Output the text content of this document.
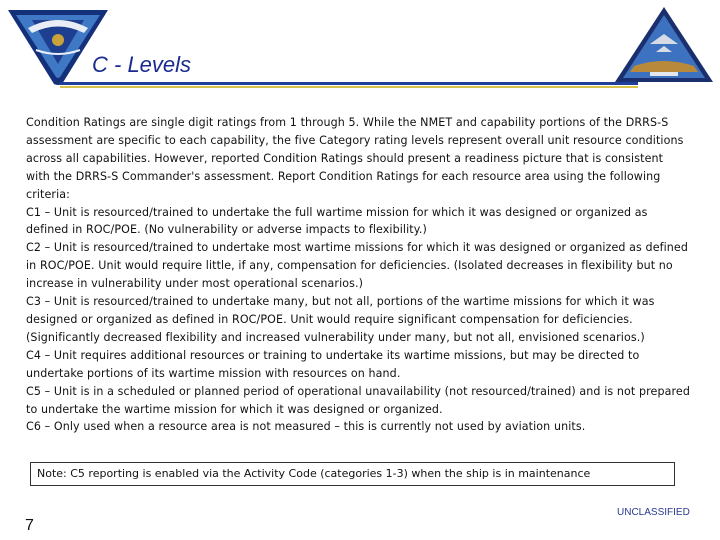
C - Levels

Condition Ratings are single digit ratings from 1 through 5. While the NMET and capability portions of the DRRS-S assessment are specific to each capability, the five Category rating levels represent overall unit resource conditions across all capabilities. However, reported Condition Ratings should present a readiness picture that is consistent with the DRRS-S Commander's assessment. Report Condition Ratings for each resource area using the following criteria:

C1 – Unit is resourced/trained to undertake the full wartime mission for which it was designed or organized as defined in ROC/POE. (No vulnerability or adverse impacts to flexibility.)

C2 – Unit is resourced/trained to undertake most wartime missions for which it was designed or organized as defined in ROC/POE. Unit would require little, if any, compensation for deficiencies. (Isolated decreases in flexibility but no increase in vulnerability under most operational scenarios.)

C3 – Unit is resourced/trained to undertake many, but not all, portions of the wartime missions for which it was designed or organized as defined in ROC/POE. Unit would require significant compensation for deficiencies. (Significantly decreased flexibility and increased vulnerability under many, but not all, envisioned scenarios.)

C4 – Unit requires additional resources or training to undertake its wartime missions, but may be directed to undertake portions of its wartime mission with resources on hand.

C5 – Unit is in a scheduled or planned period of operational unavailability (not resourced/trained) and is not prepared to undertake the wartime mission for which it was designed or organized.

C6 – Only used when a resource area is not measured – this is currently not used by aviation units.

Note: C5 reporting is enabled via the Activity Code (categories 1-3) when the ship is in maintenance
7
UNCLASSIFIED
